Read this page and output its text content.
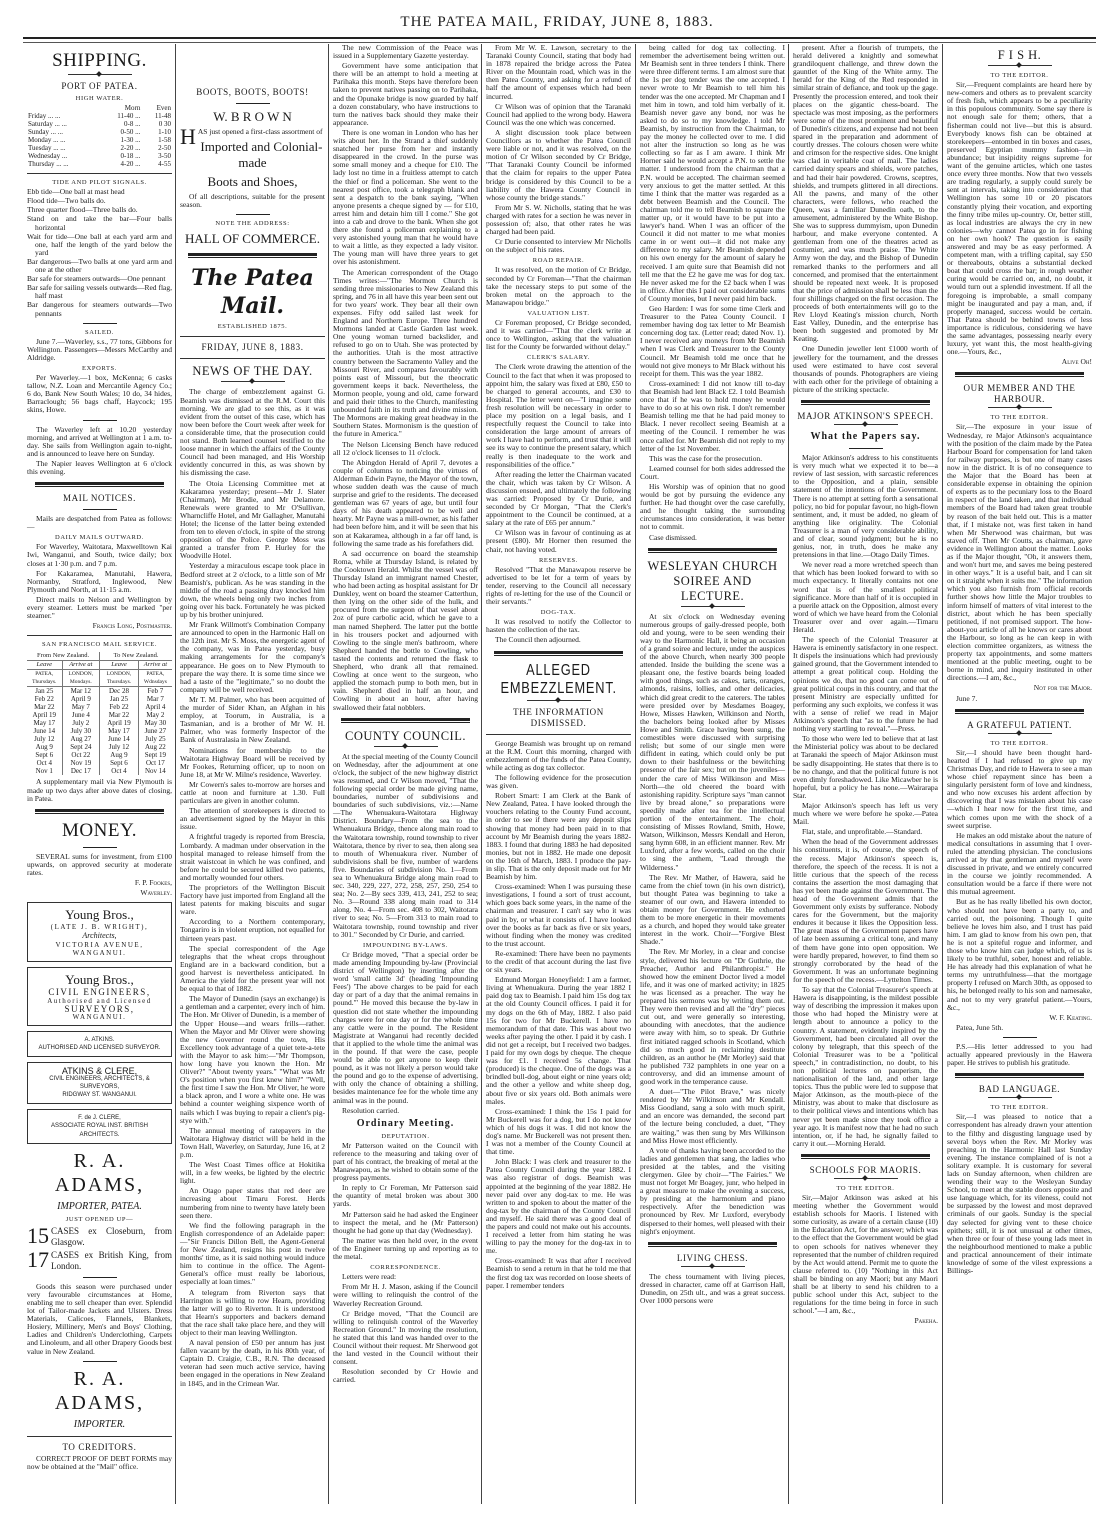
THE PATEA MAIL, FRIDAY, JUNE 8, 1883.
SHIPPING.
PORT OF PATEA.
HIGH WATER.
	Morn	Even
Friday ... ...	11-40 ...	11-48
Saturday ... ...	0-8 ...	0 30
Sunday ... ...	0-50 ...	1-10
Monday ... ...	1-30 ...	1-58
Tuesday ... ...	2-20 ...	2-50
Wednesday ...	0-18 ...	3-50
Thursday ... ...	4-20 ...	4-55
TIDE AND PILOT SIGNALS.

Ebb tide—One ball at mast head

Flood tide—Two balls do.

Three quarter flood—Three balls do.

Stand on and take the bar—Four balls horizontal

Wait for tide—One ball at each yard arm and one, half the length of the yard below the yard

Bar dangerous—Two balls at one yard arm and one at the other

Bar safe for steamers outwards—One pennant

Bar safe for sailing vessels outwards—Red flag, half mast

Bar dangerous for steamers outwards—Two pennants

SAILED.

June 7.—Waverley, s.s., 77 tons, Gibbons for Wellington. Passengers—Messrs McCarthy and Aldridge.

EXPORTS.

Per Waverley.—1 box, McKenna; 6 casks tallow, N.Z. Loan and Mercantile Agency Co.; 6 do, Bank New South Wales; 10 do, 34 hides, Barraclough; 56 bags chaff, Haycock; 195 skins, Howe.

The Waverley left at 10.20 yesterday morning, and arrived at Wellington at 1 a.m. to-day. She sails from Wellington again to-night, and is announced to leave here on Sunday.

The Napier leaves Wellington at 6 o'clock this evening.

MAIL NOTICES.

Mails are despatched from Patea as follows:—

DAILY MAILS OUTWARD.

For Waverley, Waitotara, Maxwelltown Kai Iwi, Wanganui, and South, twice daily; box closes at 1·30 p.m. and 7 p.m.

For Kakaramea, Manutahi, Hawera, Normanby, Stratford, Inglewood, New Plymouth and North, at 11·15 a.m.

Direct mails to Nelson and Wellington by every steamer. Letters must be marked "per steamer."

Francis Long, Postmaster.
SAN FRANCISCO MAIL SERVICE.
From New Zealand.		To New Zealand.	
Leave	Arrive at	Leave	Arrive at
PATEA, Thursdays.	LONDON, Mondays.	LONDON, Thursdays.	PATEA, Wdnsdays
Jan 25	Mar 12	Dec 28	Feb 7
Feb 22	April 9	Jan 25	Mar 7
Mar 22	May 7	Feb 22	April 4
April 19	June 4	Mar 22	May 2
May 17	July 2	April 19	May 30
June 14	July 30	May 17	June 27
July 12	Aug 27	June 14	July 25
Aug 9	Sept 24	July 12	Aug 22
Sept 6	Oct 22	Aug 9	Sept 19
Oct 4	Nov 19	Sept 6	Oct 17
Nov 1	Dec 17	Oct 4	Nov 14

A supplementary mail via New Plymouth is made up two days after above dates of closing, in Patea.

MONEY.

SEVERAL sums for investment, from £100 upwards, on approved security at moderate rates.

F. P. Fookes,
Waverley.
Young Bros.,
(LATE J. B. WRIGHT),
Architects,
VICTORIA AVENUE, WANGANUI.
Young Bros.,
CIVIL ENGINEERS,
Authorised and Licensed
SURVEYORS,
WANGANUI.
A. ATKINS.
AUTHORISED AND LICENSED SURVEYOR.
ATKINS & CLERE,
CIVIL ENGINEERS, ARCHITECTS, & SURVEYORS,
RIDGWAY ST. WANGANUI.
F. de J. CLERE,
ASSOCIATE ROYAL INST. BRITISH ARCHITECTS.
R. A. ADAMS,
IMPORTER, PATEA.
JUST OPENED UP—
15 CASES ex Closeburn, from Glasgow.
17 CASES ex British King, from London.

Goods this season were purchased under very favourable circumstances at Home, enabling me to sell cheaper than ever. Splendid lot of Tailor-made Jackets and Ulsters. Dress Materials, Calicoes, Flannels, Blankets, Hosiery, Millinery, Men's and Boys' Clothing, Ladies and Children's Underclothing, Carpets and Linoleum, and all other Drapery Goods best value in New Zealand.

R. A. ADAMS,
IMPORTER.
TO CREDITORS.

CORRECT PROOF OF DEBT FORMS may now be obtained at the "Mail" office.

BOOTS, BOOTS, BOOTS!
W. B R O W N

HAS just opened a first-class assortment of

Imported and Colonial-made
Boots and Shoes,

Of all descriptions, suitable for the present season.

NOTE THE ADDRESS:
HALL OF COMMERCE.
The Patea Mail.
ESTABLISHED 1875.
FRIDAY, JUNE 8, 1883.
NEWS OF THE DAY.

The charge of embezzlement against G. Beamish was dismissed at the R.M. Court this morning. We are glad to see this, as it was evident from the outset of this case, which has now been before the Court week after week for a considerable time, that the prosecution could not stand. Both learned counsel testified to the loose manner in which the affairs of the County Council had been managed, and His Worship evidently concurred in this, as was shown by his dismissing the case.

The Otoia Licensing Committee met at Kakaramea yesterday; present—Mr J. Slater (Chairman), Mr Brodie, and Mr Delamore. Renewals were granted to Mr O'Sullivan, Wharncliffe Hotel, and Mr Gallagher, Manutahi Hotel; the license of the latter being extended from ten to eleven o'clock, in spite of the strong opposition of the Police. George Moss was granted a transfer from P. Hurley for the Woodville Hotel.

Yesterday a miraculous escape took place in Bedford street at 2 o'clock, to a little son of Mr Beamish's, publican. As he was standing in the middle of the road a passing dray knocked him down, the wheels being only two inches from going over his back. Fortunately he was picked up by his brother uninjured.

Mr Frank Willmott's Combination Company are announced to open in the Harmonic Hall on the 12th inst. Mr S. Moss, the energetic agent of the company, was in Patea yesterday, busy making arrangements for the company's appearance. He goes on to New Plymouth to prepare the way there. It is some time since we had a taste of the "legitimate," so no doubt the company will be well received.

Mr T. M. Palmer, who has been acquitted of the murder of Sider Khan, an Afghan in his employ, at Toorum, in Australia, is a Tasmanian, and is a brother of Mr W. H. Palmer, who was formerly Inspector of the Bank of Australasia in New Zealand.

Nominations for membership to the Waitotara Highway Board will be received by Mr Fookes, Returning officer, up to noon on June 18, at Mr W. Milne's residence, Waverley.

Mr Cowern's sales to-morrow are horses and cattle at noon and furniture at 1.30. Full particulars are given in another column.

The attention of storekeepers is directed to an advertisement signed by the Mayor in this issue.

A frightful tragedy is reported from Brescia, Lombardy. A madman under observation in the hospital managed to release himself from the strait waistcoat in which he was confined, and before he could be secured killed two patients, and mortally wounded four others.

The proprietors of the Wellington Biscuit Factory have just imported from England all the latest patents for making biscuits and sugar ware.

According to a Northern contemporary, Tongariro is in violent eruption, not equalled for thirteen years past.

The special correspondent of the Age telegraphs that the wheat crops throughout England are in a backward condition, but a good harvest is nevertheless anticipated. In America the yield for the present year will not be equal to that of 1882.

The Mayor of Dunedin (says an exchange) is a gentleman and a carpenter, every inch of him. The Hon. Mr Oliver of Dunedin, is a member of the Upper House—and wears frills—rather. When the Mayor and Mr Oliver were showing the new Governor round the town, His Excellency took advantage of a quiet tete-a-tete with the Mayor to ask him:—"Mr Thompson, how long have you known the Hon. Mr Oliver?" "About twenty years." "What was Mr O's position when you first knew him?" "Well, the first time I saw the Hon. Mr Oliver, he wore a black apron, and I wore a white one. He was behind a counter weighing sixpence worth of nails which I was buying to repair a client's pig-stye with."

The annual meeting of ratepayers in the Waitotara Highway district will be held in the Town Hall, Waverley, on Saturday, June 16, at 2 p.m.

The West Coast Times office at Hokitika will, in a few weeks, be lighted by the electric light.

An Otago paper states that red deer are increasing about Timaru Forest. Herds numbering from nine to twenty have lately been seen there.

We find the following paragraph in the English correspondence of an Adelaide paper:—"Sir Francis Dillon Bell, the Agent-General for New Zealand, resigns his post in twelve months' time, as it is said nothing would induce him to continue in the office. The Agent-General's office must really be laborious, especially at loan times."

A telegram from Riverton says that Harrington is willing to row Hearn, providing the latter will go to Riverton. It is understood that Hearn's supporters and backers demand that the race shall take place here, and they will object to their man leaving Wellington.

A naval pension of £50 per annum has just fallen vacant by the death, in his 80th year, of Captain D. Craigie, C.B., R.N. The deceased veteran had seen much active service, having been engaged in the operations in New Zealand in 1845, and in the Crimean War.

The new Commission of the Peace was issued in a Supplementary Gazette yesterday.

Government have some anticipation that there will be an attempt to hold a meeting at Parihaka this month. Steps have therefore been taken to prevent natives passing on to Parihaka, and the Opunake bridge is now guarded by half a dozen constabulary, who have instructions to turn the natives back should they make their appearance.

There is one woman in London who has her wits about her. In the Strand a thief suddenly snatched her purse from her and instantly disappeared in the crowd. In the purse was some small money and a cheque for £10. The lady lost no time in a fruitless attempt to catch the thief or find a policeman. She went to the nearest post office, took a telegraph blank and sent a despatch to the bank saying, "When anyone presents a cheque signed by — for £10, arrest him and detain him till I come." She got into a cab and drove to the bank. When she got there she found a policeman explaining to a very astonished young man that he would have to wait a little, as they expected a lady visitor. The young man will have three years to get over his astonishment.

The American correspondent of the Otago Times writes:—"The Mormon Church is sending three missionaries to New Zealand this spring, and 76 in all have this year been sent out for two years' work. They bear all their own expenses. Fifty odd sailed last week for England and Northern Europe. Three hundred Mormons landed at Castle Garden last week. One young woman turned backslider, and refused to go on to Utah. She was protected by the authorities. Utah is the most attractive country between the Sacramento Valley and the Missouri River, and compares favourably with points east of Missouri, but the theocratic government keeps it back. Nevertheless, the Mormon people, young and old, came forward and paid their tithes to the Church, manifesting unbounded faith in its truth and divine mission. The Mormons are making great headway in the Southern States. Mormonism is the question of the future in America."

The Nelson Licensing Bench have reduced all 12 o'clock licenses to 11 o'clock.

The Abingdon Herald of April 7, devotes a couple of columns to noticing the virtues of Alderman Edwin Payne, the Mayor of the town, whose sudden death was the cause of much surprise and grief to the residents. The deceased gentleman was 67 years of age, but until four days of his death appeared to be well and hearty. Mr Payne was a mill-owner, as his father had been before him, and it will be seen that his son at Kakaramea, although in a far off land, is following the same trade as his forefathers did.

A sad occurrence on board the steamship Roma, while at Thursday Island, is related by the Cooktown Herald. Whilst the vessel was off Thursday Island an immigrant named Chester, who had been acting as hospital assistant for Dr Dunkley, went on board the steamer Catterthun, then lying on the other side of the hulk, and procured from the surgeon of that vessel about 2oz of pure carbolic acid, which he gave to a man named Shepherd. The latter put the bottle in his trousers pocket and adjourned with Cowling to the single men's bathroom, where Shepherd handed the bottle to Cowling, who tasted the contents and returned the flask to Shepherd, who drank all that remained. Cowling at once went to the surgeon, who applied the stomach pump to both men, but in vain. Shepherd died in half an hour, and Cowling in about an hour, after having swallowed their fatal nobblers.

COUNTY COUNCIL.

At the special meeting of the County Council on Wednesday, after the adjournment at one o'clock, the subject of the new highway district was resumed, and Cr Wilson moved, "That the following special order be made giving name, boundaries, number of subdivisions and boundaries of such subdivisions, viz.:—Name—The Whenuakura-Waitotara Highway District. Boundary—From the sea to the Whenuakura Bridge, thence along main road to the Waitotara township, round township to river Waitotara, thence by river to sea, then along sea to mouth of Whenuakura river. Number of subdivisions shall be five, number of wardens five. Boundaries of subdivision No. 1—From sea to Whenuakura Bridge along main road to sec. 340, 229, 227, 272, 258, 257, 250, 254 to sea; No. 2—By secs 339, 413, 241, 252 to sea; No. 3—Round 338 along main road to 314 along. No. 4—From sec. 408 to 302, Waitotara river to sea; No. 5—From 313 to main road to Waitotara township, round township and river to 301." Seconded by Cr Durie, and carried.

IMPOUNDING BY-LAWS.

Cr Bridge moved, "That a special order be made amending Impounding by-law (Provincial district of Wellington) by inserting after the word 'small cattle 3d' (heading 'Impounding Fees') 'The above charges to be paid for each day or part of a day that the animal remains in pound.'" He moved this because the by-law in question did not state whether the impounding charges were for one day or for the whole time any cattle were in the pound. The Resident Magistrate at Wanganui had recently decided that it applied to the whole time the animal was in the pound. If that were the case, people would be able to get anyone to keep their pound, as it was not likely a person would take the pound and go to the expense of advertising, with only the chance of obtaining a shilling, besides maintenance fee for the whole time any animal was in the pound.

Resolution carried.

Ordinary Meeting.
DEPUTATION.

Mr Patterson waited on the Council with reference to the measuring and taking over of part of his contract, the breaking of metal at the Manawapou, as he wished to obtain some of the progress payments.

In reply to Cr Foreman, Mr Patterson said the quantity of metal broken was about 300 yards.

Mr Patterson said he had asked the Engineer to inspect the metal, and he (Mr Patterson) thought he had gone up that day (Wednesday).

The matter was then held over, in the event of the Engineer turning up and reporting as to the metal.

CORRESPONDENCE.

Letters were read:

From Mr H. J. Mason, asking if the Council were willing to relinquish the control of the Waverley Recreation Ground.

Cr Bridge moved, "That the Council are willing to relinquish control of the Waverley Recreation Ground." In moving the resolution, he stated that this land was handed over to the Council without their request. Mr Sherwood got the land vested in the Council without their consent.

Resolution seconded by Cr Howie and carried.

From Mr W. E. Lawson, secretary to the Taranaki County Council, stating that body had in 1878 repaired the bridge across the Patea River on the Mountain road, which was in the then Patea County, and asking for a refund of half the amount of expenses which had been incurred.

Cr Wilson was of opinion that the Taranaki Council had applied to the wrong body. Hawera Council was the one which was concerned.

A slight discussion took place between Councillors as to whether the Patea Council were liable or not, and it was resolved, on the motion of Cr Wilson seconded by Cr Bridge, "That Taranaki County Council be informed that the claim for repairs to the upper Patea bridge is considered by this Council to be a liability of the Hawera County Council in whose county the bridge stands."

From Mr S. W. Nicholls, stating that he was charged with rates for a section he was never in possession of; also, that other rates he was charged had been paid.

Cr Durie consented to interview Mr Nicholls on the subject of his rates.

ROAD REPAIR.

It was resolved, on the motion of Cr Bridge, seconded by Cr Foreman—"That the chairman take the necessary steps to put some of the broken metal on the approach to the Manawapou bridge."

VALUATION LIST.

Cr Foreman proposed, Cr Bridge seconded, and it was carried—"That the clerk write at once to Wellington, asking that the valuation list for the County be forwarded without delay."

CLERK'S SALARY.

The Clerk wrote drawing the attention of the Council to the fact that when it was proposed to appoint him, the salary was fixed at £80, £50 to be charged to general accounts, and £30 to Hospital. The letter went on—"I imagine some fresh resolution will be necessary in order to place my position on a legal basis, and I respectfully request the Council to take into consideration the large amount of arrears of work I have had to perform, and trust that it will see its way to continue the present salary, which really is then inadequate to the work and responsibilities of the office."

After reading the letter the Chairman vacated the chair, which was taken by Cr Wilson. A discussion ensued, and ultimately the following was carried: Proposed by Cr Durie, and seconded by Cr Morgan, "That the Clerk's appointment to the Council be continued, at a salary at the rate of £65 per annum."

Cr Wilson was in favour of continuing as at present (£80). Mr Horner then resumed the chair, not having voted.

RESERVES.

Resolved "That the Manawapou reserve be advertised to be let for a term of years by tender, reserving to the Council all necessary rights of re-letting for the use of the Council or their servants."

DOG-TAX.

It was resolved to notify the Collector to hasten the collection of the tax.

The Council then adjourned.

ALLEGED EMBEZZLEMENT.
THE INFORMATION DISMISSED.

George Beamish was brought up on remand at the R.M. Court this morning, charged with embezzlement of the funds of the Patea County, while acting as dog tax collector.

The following evidence for the prosecution was given.

Robert Smart: I am Clerk at the Bank of New Zealand, Patea. I have looked through the vouchers relating to the County Fund account, in order to see if there were any deposit slips showing that money had been paid in to that account by Mr Beamish during the years 1882-1883. I found that during 1883 he had deposited monies, but not in 1882. He made one deposit on the 16th of March, 1883. I produce the pay-in slip. That is the only deposit made out for Mr Beamish by him.

Cross-examined: When I was pursuing these investigations, I found a sort of trust account, which goes back some years, in the name of the chairman and treasurer. I can't say who it was paid in by, or what it consists of. I have looked over the books as far back as five or six years, without finding when the money was credited to the trust account.

Re-examined: There have been no payments to the credit of that account during the last five or six years.

Edmund Morgan Honeyfield: I am a farmer, living at Whenuakura. During the year 1882 I paid dog tax to Beamish. I paid him 15s dog tax at the old County Council offices. I paid it for my dogs on the 6th of May, 1882. I also paid 15s for two for Mr Buckerell. I have no memorandum of that date. This was about two weeks after paying the other. I paid it by cash. I did not get a receipt, but I received two badges. I paid for my own dogs by cheque. The cheque was for £1. I received 5s change. That (produced) is the cheque. One of the dogs was a brindled bull-dog, about eight or nine years old; and the other a yellow and white sheep dog, about five or six years old. Both animals were males.

Cross-examined: I think the 15s I paid for Mr Buckerell was for a dog, but I do not know which of his dogs it was. I did not know the dog's name. Mr Buckerell was not present then. I was not a member of the County Council at that time.

John Black: I was clerk and treasurer to the Patea County Council during the year 1882. I was also registrar of dogs. Beamish was appointed at the beginning of the year 1882. He never paid over any dog-tax to me. He was written to and spoken to about the matter of the dog-tax by the chairman of the County Council and myself. He said there was a good deal of the papers and could not make out his accounts. I received a letter from him stating he was willing to pay the money for the dog-tax in to me.

Cross-examined: It was that after I received Beamish to send a return in that he told me that the first dog tax was recorded on loose sheets of paper. I remember tenders

being called for dog tax collecting. I remember the advertisement being written out. Mr Beamish sent in three tenders I think. There were three different terms. I am almost sure that the 1s per dog tender was the one accepted. I never wrote to Mr Beamish to tell him his tender was the one accepted. Mr Chapman and I met him in town, and told him verbally of it. Beamish never gave any bond, nor was he asked to do so to my knowledge. I told Mr Beamish, by instruction from the Chairman, to pay the money he collected over to me. I did not alter the instruction so long as he was collecting so far as I am aware. I think Mr Horner said he would accept a P.N. to settle the matter. I understood from the chairman that a P.N. would be accepted. The chairman seemed very anxious to get the matter settled. At this time I think that the matter was regarded as a debt between Beamish and the Council. The chairman told me to tell Beamish to square the matter up, or it would have to be put into a lawyer's hand. When I was an officer of the Council it did not matter to me what monies came in or went out—it did not make any difference to my salary. Mr Beamish depended on his own energy for the amount of salary he received. I am quite sure that Beamish did not tell me that the £2 he gave me was for dog tax. He never asked me for the £2 back when I was in office. After this I paid out considerable sums of County monies, but I never paid him back.

Geo Harden: I was for some time Clerk and Treasurer to the Patea County Council. I remember having dog tax letter to Mr Beamish concerning dog tax. (Letter read; dated Nov. 1). I never received any moneys from Mr Beamish when I was Clerk and Treasurer to the County Council. Mr Beamish told me once that he would not give moneys to Mr Black without his receipt for them. This was the year 1882.

Cross-examined: I did not know till to-day that Beamish had lent Black £2. I told Beamish once that if he was to hold money he would have to do so at his own risk. I don't remember Beamish telling me that he had paid money to Black. I never recollect seeing Beamish at a meeting of the Council. I remember he was once called for. Mr Beamish did not reply to my letter of the 1st November.

This was the case for the prosecution.

Learned counsel for both sides addressed the Court.

His Worship was of opinion that no good would be got by pursuing the evidence any further. He had thought over the case carefully, and he thought taking the surrounding circumstances into consideration, it was better not to commit.

Case dismissed.

WESLEYAN CHURCH SOIREE AND LECTURE.

At six o'clock on Wednesday evening numerous groups of gaily-dressed people, both old and young, were to be seen wending their way to the Harmonic Hall, it being an occasion of a grand soiree and lecture, under the auspices of the above Church, when nearly 300 people attended. Inside the building the scene was a pleasant one, the festive boards being loaded with good things, such as cakes, tarts, oranges, almonds, raisins, lollies, and other delicacies, which did great credit to the caterers. The tables were presided over by Mesdames Boagey, Howe, Misses Hawken, Wilkinson and North, the bachelors being looked after by Misses Howe and Smith. Grace having been sung, the comestibles were discussed with surprising relish; but some of our single men were diffident in eating, which could only be put down to their bashfulness or the bewitching presence of the fair sex; but on the juveniles—under the care of Miss Wilkinson and Miss North—the old cheered the board with astonishing rapidity. Scripture says "man cannot live by bread alone," so preparations were speedily made after tea for the intellectual portion of the entertainment. The choir, consisting of Misses Rowland, Smith, Howe, Watson, Wilkinson, Messrs Kendall and Heron, sang hymn 608, in an efficient manner. Rev. Mr Luxford, after a few words, called on the choir to sing the anthem, "Lead through the Wilderness."

The Rev. Mr Mather, of Hawera, said he came from the chief town (in his own district), but thought Patea was beginning to take a steamer of our own, and Hawera intended to obtain money for Government. He exhorted them to be more energetic in their movements as a church, and hoped they would take greater interest in the work. Choir—"Forgive Blest Shade."

The Rev. Mr Morley, in a clear and concise style, delivered his lecture on "Dr Guthrie, the Preacher, Author and Philanthropist." He showed how the eminent Doctor lived a model life, and it was one of marked activity; in 1825 he was licensed as a preacher. The way he prepared his sermons was by writing them out. They were then revised and all the "dry" pieces cut out, and were generally so interesting, abounding with anecdotes, that the audience were away with him, so to speak. Dr Guthrie first initiated ragged schools in Scotland, which did so much good in reclaiming destitute children, as an author he (Mr Morley) said that he published 732 pamphlets in one year on a controversy, and did an immense amount of good work in the temperance cause.

A duet—"The Pilot Brave," was nicely rendered by Mr Wilkinson and Mr Kendall. Miss Goodland, sang a solo with much spirit, and an encore was demanded, the second part of the lecture being concluded, a duet, "They are waiting," was then sung by Mrs Wilkinson and Miss Howe most efficiently.

A vote of thanks having been accorded to the ladies and gentlemen that sang, the ladies who presided at the tables, and the visiting clergymen. Glee by choir—"The Fairies." We must not forget Mr Boagey, junr, who helped in a great measure to make the evening a success, by presiding at the harmonium and piano respectively. After the benediction was pronounced by Rev. Mr Luxford, everybody dispersed to their homes, well pleased with their night's enjoyment.

LIVING CHESS.

The chess tournament with living pieces, dressed in character, came off at Garrison Hall, Dunedin, on 25th ult., and was a great success. Over 1000 persons were

present. After a flourish of trumpets, the herald delivered a knightly and somewhat grandiloquent challenge, and threw down the gauntlet of the King of the White army. The herald for the King of the Red responded in similar strain of defiance, and took up the gage. Presently the procession entered, and took their places on the gigantic chess-board. The spectacle was most imposing, as the performers were some of the most prominent and beautiful of Dunedin's citizens, and expense had not been spared in the preparation and adornment of courtly dresses. The colours chosen were white and crimson for the respective sides. One knight was clad in veritable coat of mail. The ladies carried dainty spears and shields, wore patches, and had their hair powdered. Crowns, sceptres, shields, and trumpets glittered in all directions. All the pawns, and many of the other characters, were fellows, who reached the Queen, was a familiar Dunedin oath, to the amusement, administered by the White Bishop. She was to suppress dummyism, upon Dunedin harbour, and make everyone contented. A gentleman from one of the theatres acted as costumier, and was much praise. The White Army won the day, and the Bishop of Dunedin remarked thanks to the performers and all concerned, and promised that the entertainment should be repeated next week. It is proposed that the price of admission shall be less than the four shillings charged on the first occasion. The proceeds of both entertainments will go to the Rev Lloyd Keating's mission church, North East Valley, Dunedin, and the enterprise has been both suggested and promoted by Mr Keating.

One Dunedin jeweller lent £1000 worth of jewellery for the tournament, and the dresses used were estimated to have cost several thousands of pounds. Photographers are vieing with each other for the privilege of obtaining a picture of the striking spectacle.

MAJOR ATKINSON'S SPEECH.
What the Papers say.

Major Atkinson's address to his constituents is very much what we expected it to be—a review of last session, with sarcastic references to the Opposition, and a plain, sensible statement of the intentions of the Government. There is no attempt at setting forth a sensational policy, no bid for popular favour, no high-flown sentiment, and, it must be added, no gleam of anything like originality. The Colonial Treasurer is a man of very considerable ability, and of clear, sound judgment; but he is no genius, nor, in truth, does he make any pretensions in that line.—Otago Daily Times.

We never read a more wretched speech than that which has been looked forward to with so much expectancy. It literally contains not one word that is of the smallest political significance. More than half of it is occupied in a puerile attack on the Opposition, almost every word of which we have heard from the Colonial Treasurer over and over again.—Timaru Herald.

The speech of the Colonial Treasurer at Hawera is eminently satisfactory in one respect. It dispels the insinuations which had previously gained ground, that the Government intended to attempt a great political coup. Holding the opinions we do, that no good can come out of great political coups in this country, and that the present Ministry are especially unfitted for performing any such exploits, we confess it was with a sense of relief we read in Major Atkinson's speech that "as to the future he had nothing very startling to reveal."—Press.

To those who were led to believe that at last the Ministerial policy was about to be declared at Taranaki the speech of Major Atkinson must be sadly disappointing. He states that there is to be no change, and that the political future is not even dimly foreshadowed. Like Micawber he is hopeful, but a policy he has none.—Wairarapa Star.

Major Atkinson's speech has left us very much where we were before he spoke.—Patea Mail.

Flat, stale, and unprofitable.—Standard.

When the head of the Government addresses his constituents, it is, of course, the speech of the recess. Major Atkinson's speech is, therefore, the speech of the recess. It is not a little curious that the speech of the recess contains the assertion the most damaging that has yet been made against the Government. The head of the Government admits that the Government only exists by sufferance. Nobody cares for the Government, but the majority endures it because it likes the Opposition less. The great mass of the Government papers have of late been assuming a critical tone, and many of them have gone into open opposition. We were hardly prepared, however, to find them so strongly corroborated by the head of the Government. It was an unfortunate beginning for the speech of the recess.—Lyttelton Times.

To say that the Colonial Treasurer's speech at Hawera is disappointing, is the mildest possible way of describing the impression it makes upon those who had hoped the Ministry were at length about to announce a policy to the country. A statement, evidently inspired by the Government, had been circulated all over the colony by telegraph, that this speech of the Colonial Treasurer was to be a "political speech," in contradistinction, no doubt, to his non political lectures on pauperism, the nationalisation of the land, and other large topics. Thus the public were led to suppose that Major Atkinson, as the mouth-piece of the Ministry, was about to make that disclosure as to their political views and intentions which has never yet been made since they took office a year ago. It is manifest now that he had no such intention, or, if he had, he signally failed to carry it out.—Morning Herald.

SCHOOLS FOR MAORIS.
TO THE EDITOR.

Sir,—Major Atkinson was asked at his meeting whether the Government would establish schools for Maoris. I listened with some curiosity, as aware of a certain clause (10) in the Education Act, for the answer; which was to the effect that the Government would be glad to open schools for natives whenever they represented that the number of children required by the Act would attend. Permit me to quote the clause referred to. (10) "Nothing in this Act shall be binding on any Maori; but any Maori shall be at liberty to send his children to a public school under this Act, subject to the regulations for the time being in force in such school."—I am, &c.,

Pakeha.
F I S H.
TO THE EDITOR.

Sir,—Frequent complaints are heard here by new-comers and others as to prevalent scarcity of fresh fish, which appears to be a peculiarity in this populous community. Some say there is not enough sale for them; others, that a fisherman could not live—but this is absurd. Everybody knows fish can be obtained at storekeepers—entombed in tin boxes and cases, preserved Egyptian mummy fashion—in abundance; but insipidity reigns supreme for want of the genuine articles, which one tastes once every three months. Now that two vessels are trading regularly, a supply could surely be sent at intervals, taking into consideration that Wellington has some 10 or 20 piscators constantly plying their vocation, and exporting the finny tribe miles up-country. Or, better still, as local industries are always the cry in new colonies—why cannot Patea go in for fishing on her own hook? The question is easily answered and may be as easy performed. A competent man, with a trifling capital, say £50 or thereabouts, obtains a substantial decked boat that could cross the bar; in rough weather curing would be carried on, and, no doubt, it would turn out a splendid investment. If all the foregoing is improbable, a small company might be inaugurated and pay a man, and, if properly managed, success would be certain. That Patea should be behind towns of less importance is ridiculous, considering we have the same advantages, possessing nearly every luxury, yet want this, the most health-giving one.—Yours, &c.,

Alive Oh!
OUR MEMBER AND THE HARBOUR.
TO THE EDITOR.

Sir,—The exposure in your issue of Wednesday, re Major Atkinson's acquaintance with the position of the claim made by the Patea Harbour Board for compensation for land taken for railway purposes, is but one of many cases now in the district. It is of no consequence to the Major that the Board has been at considerable expense in obtaining the opinion of experts as to the pecuniary loss to the Board in respect of the land taken, and that individual members of the Board had taken great trouble by reason of the bait held out. This is a matter that, if I mistake not, was first taken in hand when Mr Sherwood was chairman, but was staved off. Then Mr Coutts, as chairman, gave evidence in Wellington about the matter. Looks as if the Major thought, "Oh, it answers them, and won't hurt me, and saves me being pestered in other ways." It is a useful bait, and I can sit on it straight when it suits me." The information which you also furnish from official records further shows how little the Major troubles to inform himself of matters of vital interest to the district, about which he has been specially petitioned, if not promised support. The how-about-you article of all he knows or cares about the Harbour, so long as he can keep in with election committee organizers, as witness the property tax appointments, and some matters mentioned at the public meeting, ought to be borne in mind, and inquiry instituted in other directions.—I am, &c.,

Not for the Major.

June 7.

A GRATEFUL PATIENT.
TO THE EDITOR.

Sir,—I should have been thought hard-hearted if I had refused to give up my Christmas Day, and ride to Hawera to see a man whose chief repayment since has been a singularly persistent form of love and kindness, and who now excuses his ardent affection by discovering that I was mistaken about his case—which I hear now for the first time, and which comes upon me with the shock of a sweet surprise.

He makes an odd mistake about the nature of medical consultations in assuming that I over-ruled the attending physician. The conclusions arrived at by that gentleman and myself were discussed in private, and we entirely concurred in the course we jointly recommended. A consultation would be a farce if there were not this mutual agreement.

But as he has really libelled his own doctor, who should not have been a party to, and carried out, the poisoning. Though I quite believe he loves him also, and I trust has paid him. I am glad to know from his own pen, that he is not a spiteful rogue and informer, and those who know him can judge which, of us is likely to be truthful, sober, honest and reliable. He has already had this explanation of what he terms my untruthfulness—that the mortgage property I refused on March 30th, as opposed to his, he belonged really to his son and namesake, and not to my very grateful patient.—Yours, &c.,

W. F. Keating.

Patea, June 5th.

P.S.—His letter addressed to you had actually appeared previously in the Hawera paper. He strives to publish his gratitude.

BAD LANGUAGE.
TO THE EDITOR.

Sir,—I was pleased to notice that a correspondent has already drawn your attention to the filthy and disgusting language used by several boys when the Rev. Mr Morley was preaching in the Harmonic Hall last Sunday evening. The instance complained of is not a solitary example. It is customary for several lads on Sunday afternoon, when children are wending their way to the Wesleyan Sunday School, to meet at the stable doors opposite and use language which, for its vileness, could not be surpassed by the lowest and most depraved criminals of our gaols. Sunday is the special day selected for giving vent to these choice epithets; still, it is not unusual at other times, when three or four of these young lads meet in the neighbourhood mentioned to make a public and practical announcement of their intimate knowledge of some of the vilest expressions a Billings-
